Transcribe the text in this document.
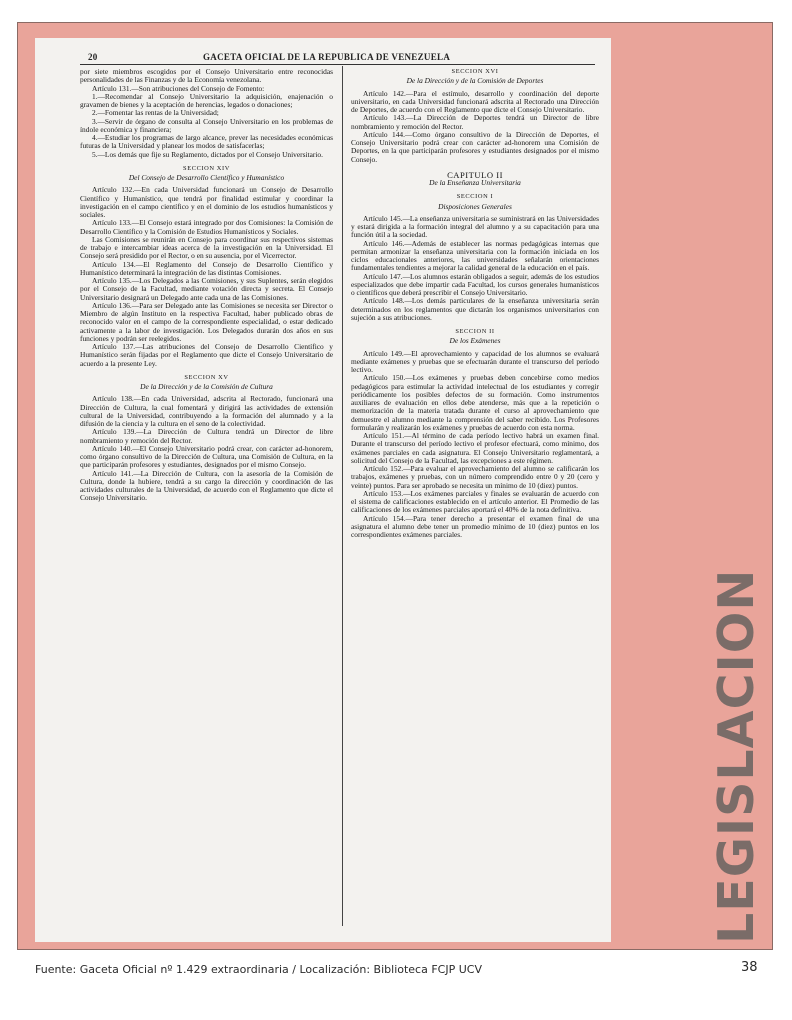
20	GACETA OFICIAL DE LA REPUBLICA DE VENEZUELA

por siete miembros escogidos por el Consejo Universitario entre reconocidas personalidades de las Finanzas y de la Economía venezolana.

Artículo 131.—Son atribuciones del Consejo de Fomento:

1.—Recomendar al Consejo Universitario la adquisición, enajenación o gravamen de bienes y la aceptación de herencias, legados o donaciones;

2.—Fomentar las rentas de la Universidad;

3.—Servir de órgano de consulta al Consejo Universitario en los problemas de índole económica y financiera;

4.—Estudiar los programas de largo alcance, prever las necesidades económicas futuras de la Universidad y planear los modos de satisfacerlas;

5.—Los demás que fije su Reglamento, dictados por el Consejo Universitario.

SECCION XIV

Del Consejo de Desarrollo Científico y Humanístico

Artículo 132.—En cada Universidad funcionará un Consejo de Desarrollo Científico y Humanístico, que tendrá por finalidad estimular y coordinar la investigación en el campo científico y en el dominio de los estudios humanísticos y sociales.

Artículo 133.—El Consejo estará integrado por dos Comisiones: la Comisión de Desarrollo Científico y la Comisión de Estudios Humanísticos y Sociales.

Las Comisiones se reunirán en Consejo para coordinar sus respectivos sistemas de trabajo e intercambiar ideas acerca de la investigación en la Universidad. El Consejo será presidido por el Rector, o en su ausencia, por el Vicerrector.

Artículo 134.—El Reglamento del Consejo de Desarrollo Científico y Humanístico determinará la integración de las distintas Comisiones.

Artículo 135.—Los Delegados a las Comisiones, y sus Suplentes, serán elegidos por el Consejo de la Facultad, mediante votación directa y secreta. El Consejo Universitario designará un Delegado ante cada una de las Comisiones.

Artículo 136.—Para ser Delegado ante las Comisiones se necesita ser Director o Miembro de algún Instituto en la respectiva Facultad, haber publicado obras de reconocido valor en el campo de la correspondiente especialidad, o estar dedicado activamente a la labor de investigación. Los Delegados durarán dos años en sus funciones y podrán ser reelegidos.

Artículo 137.—Las atribuciones del Consejo de Desarrollo Científico y Humanístico serán fijadas por el Reglamento que dicte el Consejo Universitario de acuerdo a la presente Ley.

SECCION XV

De la Dirección y de la Comisión de Cultura

Artículo 138.—En cada Universidad, adscrita al Rectorado, funcionará una Dirección de Cultura, la cual fomentará y dirigirá las actividades de extensión cultural de la Universidad, contribuyendo a la formación del alumnado y a la difusión de la ciencia y la cultura en el seno de la colectividad.

Artículo 139.—La Dirección de Cultura tendrá un Director de libre nombramiento y remoción del Rector.

Artículo 140.—El Consejo Universitario podrá crear, con carácter ad-honorem, como órgano consultivo de la Dirección de Cultura, una Comisión de Cultura, en la que participarán profesores y estudiantes, designados por el mismo Consejo.

Artículo 141.—La Dirección de Cultura, con la asesoría de la Comisión de Cultura, donde la hubiere, tendrá a su cargo la dirección y coordinación de las actividades culturales de la Universidad, de acuerdo con el Reglamento que dicte el Consejo Universitario.

SECCION XVI

De la Dirección y de la Comisión de Deportes

Artículo 142.—Para el estímulo, desarrollo y coordinación del deporte universitario, en cada Universidad funcionará adscrita al Rectorado una Dirección de Deportes, de acuerdo con el Reglamento que dicte el Consejo Universitario.

Artículo 143.—La Dirección de Deportes tendrá un Director de libre nombramiento y remoción del Rector.

Artículo 144.—Como órgano consultivo de la Dirección de Deportes, el Consejo Universitario podrá crear con carácter ad-honorem una Comisión de Deportes, en la que participarán profesores y estudiantes designados por el mismo Consejo.

CAPITULO II

De la Enseñanza Universitaria

SECCION I

Disposiciones Generales

Artículo 145.—La enseñanza universitaria se suministrará en las Universidades y estará dirigida a la formación integral del alumno y a su capacitación para una función útil a la sociedad.

Artículo 146.—Además de establecer las normas pedagógicas internas que permitan armonizar la enseñanza universitaria con la formación iniciada en los ciclos educacionales anteriores, las universidades señalarán orientaciones fundamentales tendientes a mejorar la calidad general de la educación en el país.

Artículo 147.—Los alumnos estarán obligados a seguir, además de los estudios especializados que debe impartir cada Facultad, los cursos generales humanísticos o científicos que deberá prescribir el Consejo Universitario.

Artículo 148.—Los demás particulares de la enseñanza universitaria serán determinados en los reglamentos que dictarán los organismos universitarios con sujeción a sus atribuciones.

SECCION II

De los Exámenes

Artículo 149.—El aprovechamiento y capacidad de los alumnos se evaluará mediante exámenes y pruebas que se efectuarán durante el transcurso del período lectivo.

Artículo 150.—Los exámenes y pruebas deben concebirse como medios pedagógicos para estimular la actividad intelectual de los estudiantes y corregir periódicamente los posibles defectos de su formación. Como instrumentos auxiliares de evaluación en ellos debe atenderse, más que a la repetición o memorización de la materia tratada durante el curso al aprovechamiento que demuestre el alumno mediante la comprensión del saber recibido. Los Profesores formularán y realizarán los exámenes y pruebas de acuerdo con esta norma.

Artículo 151.—Al término de cada período lectivo habrá un examen final. Durante el transcurso del período lectivo el profesor efectuará, como mínimo, dos exámenes parciales en cada asignatura. El Consejo Universitario reglamentará, a solicitud del Consejo de la Facultad, las excepciones a este régimen.

Artículo 152.—Para evaluar el aprovechamiento del alumno se calificarán los trabajos, exámenes y pruebas, con un número comprendido entre 0 y 20 (cero y veinte) puntos. Para ser aprobado se necesita un mínimo de 10 (diez) puntos.

Artículo 153.—Los exámenes parciales y finales se evaluarán de acuerdo con el sistema de calificaciones establecido en el artículo anterior. El Promedio de las calificaciones de los exámenes parciales aportará el 40% de la nota definitiva.

Artículo 154.—Para tener derecho a presentar el examen final de una asignatura el alumno debe tener un promedio mínimo de 10 (diez) puntos en los correspondientes exámenes parciales.

LEGISLACION
Fuente: Gaceta Oficial nº 1.429 extraordinaria / Localización: Biblioteca FCJP UCV	38
